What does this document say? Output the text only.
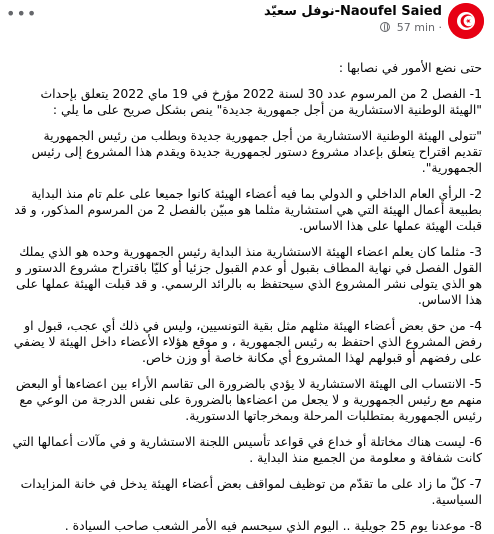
•••	Naoufel Saied-نوفل سعيّد
57 min ·

حتى نضع الأمور في نصابها :

1- الفصل 2 من المرسوم عدد 30 لسنة 2022 مؤرخ في 19 ماي 2022 يتعلق بإحداث "الهيئة الوطنية الاستشارية من أجل جمهورية جديدة" ينص بشكل صريح على ما يلي :

"تتولى الهيئة الوطنية الاستشارية من أجل جمهورية جديدة وبطلب من رئيس الجمهورية تقديم اقتراح يتعلق بإعداد مشروع دستور لجمهورية جديدة ويقدم هذا المشروع إلى رئيس الجمهورية".

2- الرأي العام الداخلي و الدولي بما فيه أعضاء الهيئة كانوا جميعا على علم تام منذ البداية بطبيعة أعمال الهيئة التي هي استشارية مثلما هو مبيّن بالفصل 2 من المرسوم المذكور، و قد قبلت الهيئة عملها على هذا الاساس.

3- مثلما كان يعلم اعضاء الهيئة الاستشارية منذ البداية رئيس الجمهورية وحده هو الذي يملك القول الفصل في نهاية المطاف بقبول أو عدم القبول جزئيا أو كليّا باقتراح مشروع الدستور و هو الذي يتولى نشر المشروع الذي سيحتفظ به بالرائد الرسمي. و قد قبلت الهيئة عملها على هذا الاساس.

4- من حق بعض أعضاء الهيئة مثلهم مثل بقية التونسيين، وليس في ذلك أي عجب، قبول او رفض المشروع الذي احتفظ به رئيس الجمهورية ، و موقع هؤلاء الأعضاء داخل الهيئة لا يضفي على رفضهم أو قبولهم لهذا المشروع أي مكانة خاصة أو وزن خاص.

5- الانتساب الى الهيئة الاستشارية لا يؤدي بالضرورة الى تقاسم الأراء بين اعضاءها أو البعض منهم مع رئيس الجمهورية و لا يجعل من اعضاءها بالضرورة على نفس الدرجة من الوعي مع رئيس الجمهورية بمتطلبات المرحلة وبمخرجاتها الدستورية.

6- ليست هناك مخاتلة أو خداع في قواعد تأسيس اللجنة الاستشارية و في مآلات أعمالها التي كانت شفافة و معلومة من الجميع منذ البداية .

7- كلّ ما زاد على ما تقدّم من توظيف لمواقف بعض أعضاء الهيئة يدخل في خانة المزايدات السياسية.

8- موعدنا يوم 25 جويلية .. اليوم الذي سيحسم فيه الأمر الشعب صاحب السيادة .
